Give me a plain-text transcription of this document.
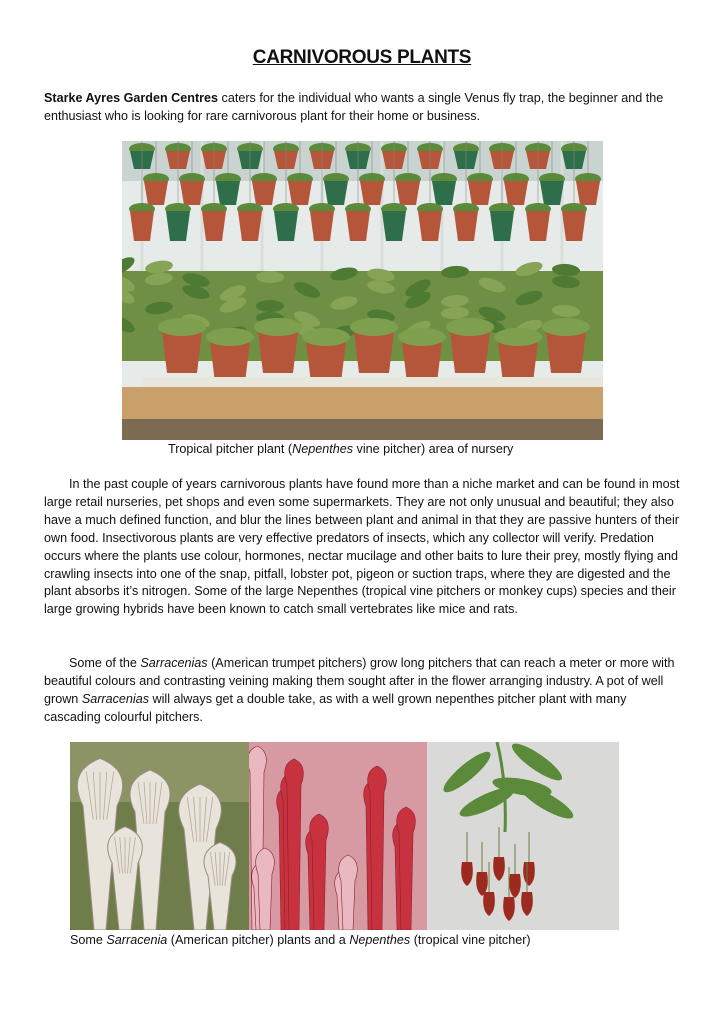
CARNIVOROUS PLANTS

Starke Ayres Garden Centres caters for the individual who wants a single Venus fly trap, the beginner and the enthusiast who is looking for rare carnivorous plant for their home or business.

Tropical pitcher plant (Nepenthes vine pitcher) area of nursery

In the past couple of years carnivorous plants have found more than a niche market and can be found in most large retail nurseries, pet shops and even some supermarkets. They are not only unusual and beautiful; they also have a much defined function, and blur the lines between plant and animal in that they are passive hunters of their own food. Insectivorous plants are very effective predators of insects, which any collector will verify. Predation occurs where the plants use colour, hormones, nectar mucilage and other baits to lure their prey, mostly flying and crawling insects into one of the snap, pitfall, lobster pot, pigeon or suction traps, where they are digested and the plant absorbs it’s nitrogen. Some of the large Nepenthes (tropical vine pitchers or monkey cups) species and their large growing hybrids have been known to catch small vertebrates like mice and rats.

Some of the Sarracenias (American trumpet pitchers) grow long pitchers that can reach a meter or more with beautiful colours and contrasting veining making them sought after in the flower arranging industry. A pot of well grown Sarracenias will always get a double take, as with a well grown nepenthes pitcher plant with many cascading colourful pitchers.

Some Sarracenia (American pitcher) plants and a Nepenthes (tropical vine pitcher)
